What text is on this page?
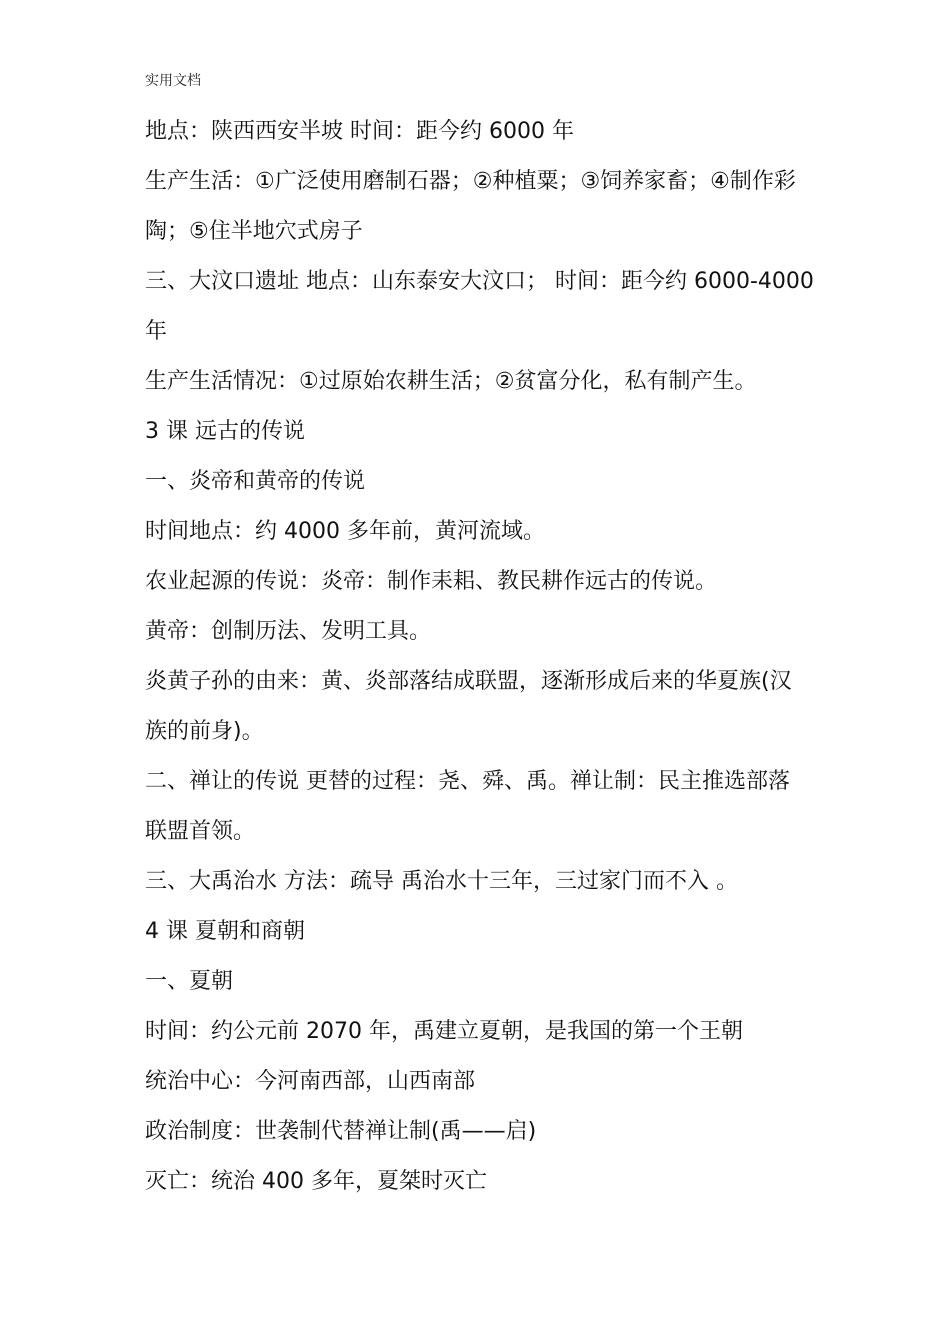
实用文档
地点：陕西西安半坡 时间：距今约 6000 年
生产生活：①广泛使用磨制石器；②种植粟；③饲养家畜；④制作彩
陶；⑤住半地穴式房子
三、大汶口遗址 地点：山东泰安大汶口； 时间：距今约 6000-4000
年
生产生活情况：①过原始农耕生活；②贫富分化，私有制产生。
3 课 远古的传说
一、炎帝和黄帝的传说
时间地点：约 4000 多年前，黄河流域。
农业起源的传说：炎帝：制作耒耜、教民耕作远古的传说。
黄帝：创制历法、发明工具。
炎黄子孙的由来：黄、炎部落结成联盟，逐渐形成后来的华夏族(汉
族的前身)。
二、禅让的传说 更替的过程：尧、舜、禹。禅让制：民主推选部落
联盟首领。
三、大禹治水 方法：疏导 禹治水十三年，三过家门而不入 。
4 课 夏朝和商朝
一、夏朝
时间：约公元前 2070 年，禹建立夏朝，是我国的第一个王朝
统治中心：今河南西部，山西南部
政治制度：世袭制代替禅让制(禹——启)
灭亡：统治 400 多年，夏桀时灭亡
